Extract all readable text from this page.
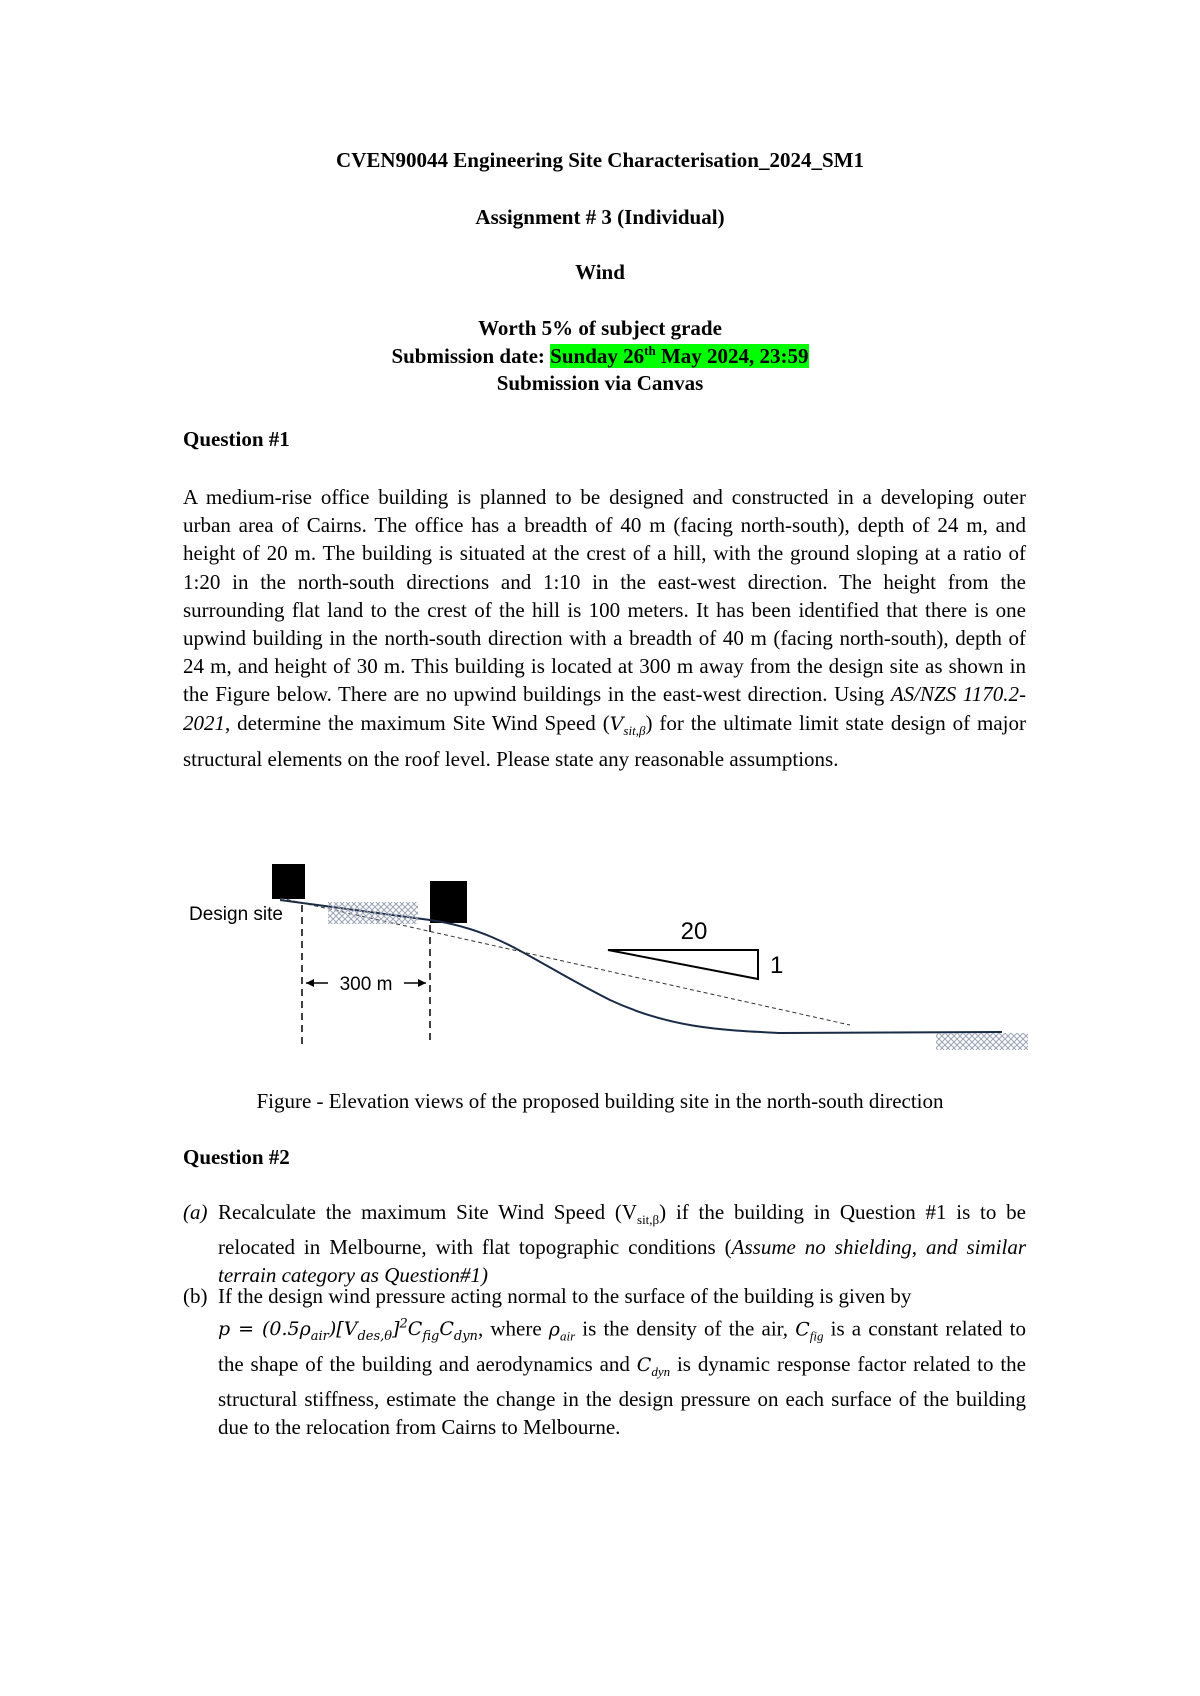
CVEN90044 Engineering Site Characterisation_2024_SM1
Assignment # 3 (Individual)
Wind
Worth 5% of subject grade
Submission date: Sunday 26th May 2024, 23:59
Submission via Canvas
Question #1
A medium-rise office building is planned to be designed and constructed in a developing outer urban area of Cairns. The office has a breadth of 40 m (facing north-south), depth of 24 m, and height of 20 m. The building is situated at the crest of a hill, with the ground sloping at a ratio of 1:20 in the north-south directions and 1:10 in the east-west direction. The height from the surrounding flat land to the crest of the hill is 100 meters. It has been identified that there is one upwind building in the north-south direction with a breadth of 40 m (facing north-south), depth of 24 m, and height of 30 m. This building is located at 300 m away from the design site as shown in the Figure below. There are no upwind buildings in the east-west direction. Using AS/NZS 1170.2-2021, determine the maximum Site Wind Speed $(V_{sit,\beta})$ for the ultimate limit state design of major structural elements on the roof level. Please state any reasonable assumptions.
300 m
Design site
20
1
Figure - Elevation views of the proposed building site in the north-south direction
Question #2
(a) Recalculate the maximum Site Wind Speed $(V_{sit,\beta})$ if the building in Question #1 is to be relocated in Melbourne, with flat topographic conditions (Assume no shielding, and similar terrain category as Question#1)
(b) If the design wind pressure acting normal to the surface of the building is given by
$p = (0.5\rho_{air})[V_{des,\theta}]^2C_{fig}C_{dyn}$, where $\rho_{air}$ is the density of the air, $C_{fig}$ is a constant related to the shape of the building and aerodynamics and $C_{dyn}$ is dynamic response factor related to the structural stiffness, estimate the change in the design pressure on each surface of the building due to the relocation from Cairns to Melbourne.
